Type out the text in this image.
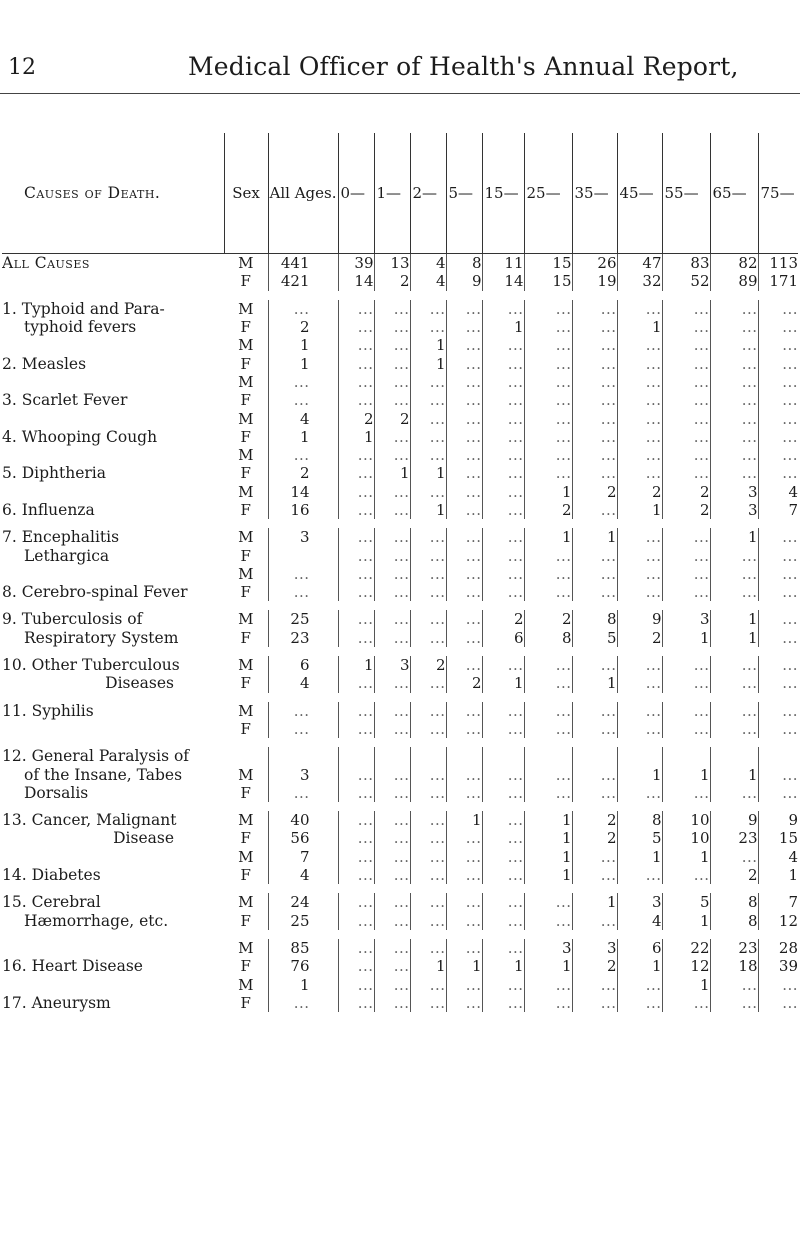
12	Medical Officer of Health's Annual Report,
Causes of Death.	Sex	All Ages.	0—	1—	2—	5—	15—	25—	35—	45—	55—	65—	75—
All Causes	M	441	39	13	4	8	11	15	26	47	83	82	113
	F	421	14	2	4	9	14	15	19	32	52	89	171

1. Typhoid and Para-	M	...	...	...	...	...	...	...	...	...	...	...	...
typhoid fevers	F	2	...	...	...	...	1	...	...	1	...	...	...
	M	1	...	...	1	...	...	...	...	...	...	...	...
2. Measles	F	1	...	...	1	...	...	...	...	...	...	...	...
	M	...	...	...	...	...	...	...	...	...	...	...	...
3. Scarlet Fever	F	...	...	...	...	...	...	...	...	...	...	...	...
	M	4	2	2	...	...	...	...	...	...	...	...	...
4. Whooping Cough	F	1	1	...	...	...	...	...	...	...	...	...	...
	M	...	...	...	...	...	...	...	...	...	...	...	...
5. Diphtheria	F	2	...	1	1	...	...	...	...	...	...	...	...
	M	14	...	...	...	...	...	1	2	2	2	3	4
6. Influenza	F	16	...	...	1	...	...	2	...	1	2	3	7

7. Encephalitis	M	3	...	...	...	...	...	1	1	...	...	1	...
Lethargica	F		...	...	...	...	...	...	...	...	...	...	...
	M	...	...	...	...	...	...	...	...	...	...	...	...
8. Cerebro-spinal Fever	F	...	...	...	...	...	...	...	...	...	...	...	...

9. Tuberculosis of	M	25	...	...	...	...	2	2	8	9	3	1	...
Respiratory System	F	23	...	...	...	...	6	8	5	2	1	1	...

10. Other Tuberculous	M	6	1	3	2	...	...	...	...	...	...	...	...
Diseases	F	4	...	...	...	2	1	...	1	...	...	...	...

11. Syphilis	M	...	...	...	...	...	...	...	...	...	...	...	...
	F	...	...	...	...	...	...	...	...	...	...	...	...

12. General Paralysis of													
of the Insane, Tabes	M	3	...	...	...	...	...	...	...	1	1	1	...
Dorsalis	F	...	...	...	...	...	...	...	...	...	...	...	...

13. Cancer, Malignant	M	40	...	...	...	1	...	1	2	8	10	9	9
Disease	F	56	...	...	...	...	...	1	2	5	10	23	15
	M	7	...	...	...	...	...	1	...	1	1	...	4
14. Diabetes	F	4	...	...	...	...	...	1	...	...	...	2	1

15. Cerebral	M	24	...	...	...	...	...	...	1	3	5	8	7
Hæmorrhage, etc.	F	25	...	...	...	...	...	...	...	4	1	8	12

	M	85	...	...	...	...	...	3	3	6	22	23	28
16. Heart Disease	F	76	...	...	1	1	1	1	2	1	12	18	39
	M	1	...	...	...	...	...	...	...	...	1	...	...
17. Aneurysm	F	...	...	...	...	...	...	...	...	...	...	...	...
